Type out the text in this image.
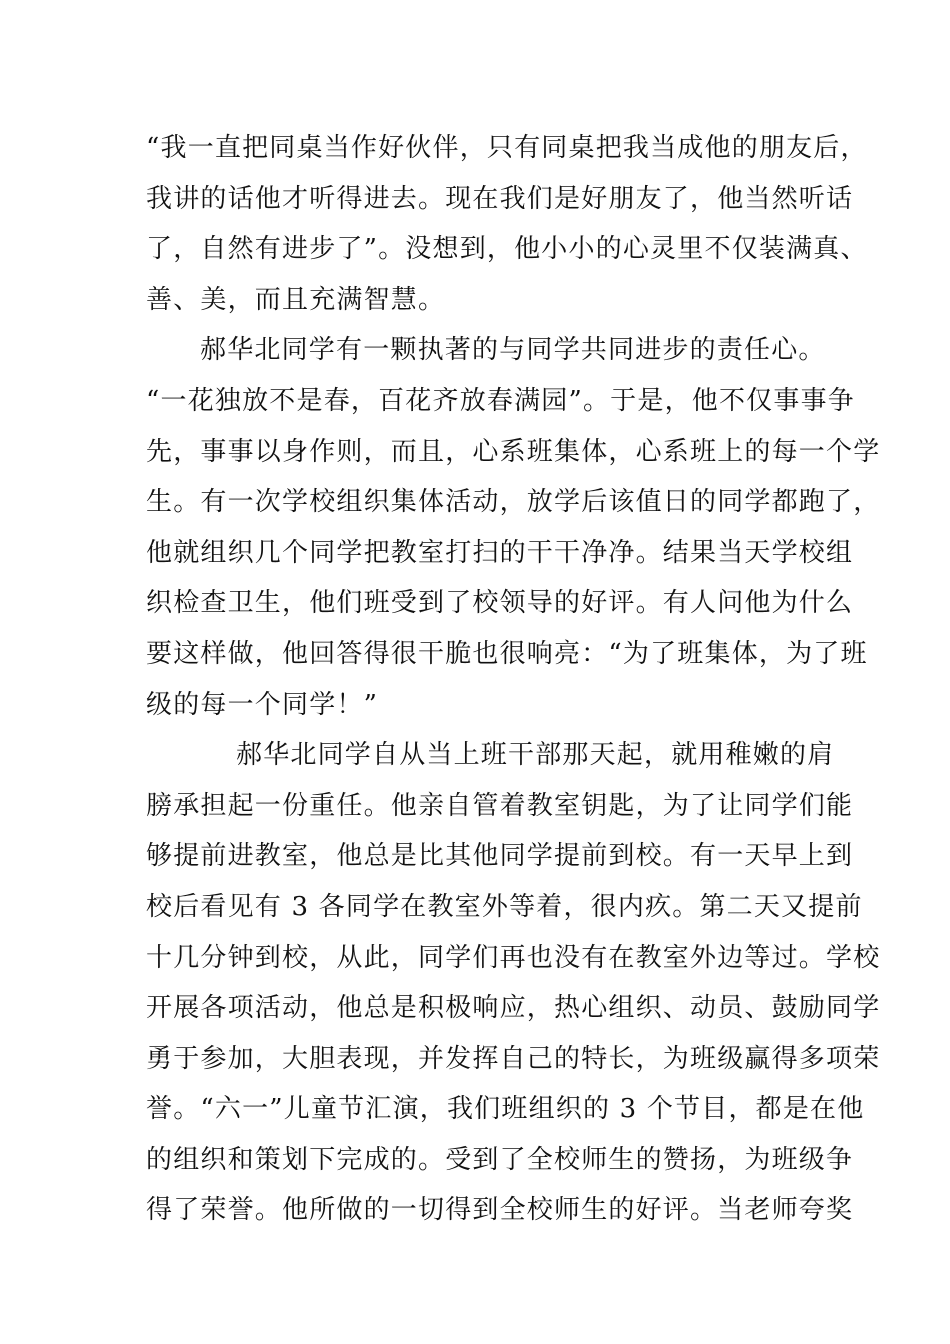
“我一直把同桌当作好伙伴，只有同桌把我当成他的朋友后，
我讲的话他才听得进去。现在我们是好朋友了，他当然听话
了，自然有进步了”。没想到，他小小的心灵里不仅装满真、
善、美，而且充满智慧。
郝华北同学有一颗执著的与同学共同进步的责任心。
“一花独放不是春，百花齐放春满园”。于是，他不仅事事争
先，事事以身作则，而且，心系班集体，心系班上的每一个学
生。有一次学校组织集体活动，放学后该值日的同学都跑了，
他就组织几个同学把教室打扫的干干净净。结果当天学校组
织检查卫生，他们班受到了校领导的好评。有人问他为什么
要这样做，他回答得很干脆也很响亮：“为了班集体，为了班
级的每一个同学！”
郝华北同学自从当上班干部那天起，就用稚嫩的肩
膀承担起一份重任。他亲自管着教室钥匙，为了让同学们能
够提前进教室，他总是比其他同学提前到校。有一天早上到
校后看见有 3 各同学在教室外等着，很内疚。第二天又提前
十几分钟到校，从此，同学们再也没有在教室外边等过。学校
开展各项活动，他总是积极响应，热心组织、动员、鼓励同学
勇于参加，大胆表现，并发挥自己的特长，为班级赢得多项荣
誉。“六一”儿童节汇演，我们班组织的 3 个节目，都是在他
的组织和策划下完成的。受到了全校师生的赞扬，为班级争
得了荣誉。他所做的一切得到全校师生的好评。当老师夸奖
